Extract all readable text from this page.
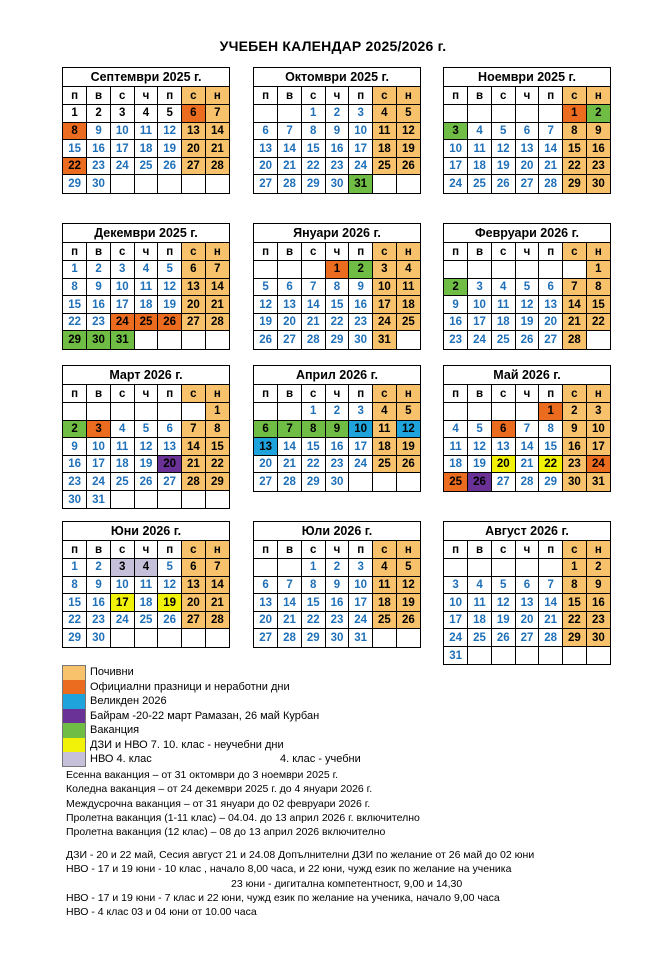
УЧЕБЕН КАЛЕНДАР 2025/2026 г.
Септември 2025 г.
п	в	с	ч	п	с	н
1	2	3	4	5	6	7
8	9	10	11	12	13	14
15	16	17	18	19	20	21
22	23	24	25	26	27	28
29	30					
Октомври 2025 г.
п	в	с	ч	п	с	н
		1	2	3	4	5
6	7	8	9	10	11	12
13	14	15	16	17	18	19
20	21	22	23	24	25	26
27	28	29	30	31		
Ноември 2025 г.
п	в	с	ч	п	с	н
					1	2
3	4	5	6	7	8	9
10	11	12	13	14	15	16
17	18	19	20	21	22	23
24	25	26	27	28	29	30
Декември 2025 г.
п	в	с	ч	п	с	н
1	2	3	4	5	6	7
8	9	10	11	12	13	14
15	16	17	18	19	20	21
22	23	24	25	26	27	28
29	30	31				
Януари 2026 г.
п	в	с	ч	п	с	н
			1	2	3	4
5	6	7	8	9	10	11
12	13	14	15	16	17	18
19	20	21	22	23	24	25
26	27	28	29	30	31	
Февруари 2026 г.
п	в	с	ч	п	с	н
						1
2	3	4	5	6	7	8
9	10	11	12	13	14	15
16	17	18	19	20	21	22
23	24	25	26	27	28	
Март 2026 г.
п	в	с	ч	п	с	н
						1
2	3	4	5	6	7	8
9	10	11	12	13	14	15
16	17	18	19	20	21	22
23	24	25	26	27	28	29
30	31					
Април 2026 г.
п	в	с	ч	п	с	н
		1	2	3	4	5
6	7	8	9	10	11	12
13	14	15	16	17	18	19
20	21	22	23	24	25	26
27	28	29	30			
Май 2026 г.
п	в	с	ч	п	с	н
				1	2	3
4	5	6	7	8	9	10
11	12	13	14	15	16	17
18	19	20	21	22	23	24
25	26	27	28	29	30	31
Юни 2026 г.
п	в	с	ч	п	с	н
1	2	3	4	5	6	7
8	9	10	11	12	13	14
15	16	17	18	19	20	21
22	23	24	25	26	27	28
29	30					
Юли 2026 г.
п	в	с	ч	п	с	н
		1	2	3	4	5
6	7	8	9	10	11	12
13	14	15	16	17	18	19
20	21	22	23	24	25	26
27	28	29	30	31		
Август 2026 г.
п	в	с	ч	п	с	н
					1	2
3	4	5	6	7	8	9
10	11	12	13	14	15	16
17	18	19	20	21	22	23
24	25	26	27	28	29	30
31						
Почивни
Официални празници и неработни дни
Великден 2026
Байрам -20-22 март Рамазан, 26 май Курбан
Ваканция
ДЗИ и НВО 7. 10. клас - неучебни дни
НВО 4. клас	4. клас - учебни
Есенна ваканция – от 31 октомври до 3 ноември 2025 г.
Коледна ваканция – от 24 декември 2025 г. до 4 януари 2026 г.
Междусрочна ваканция – от 31 януари до 02 февруари 2026 г.
Пролетна ваканция (1-11 клас) – 04.04. до 13 април 2026 г. включително
Пролетна ваканция (12 клас) – 08 до 13 април 2026 включително
ДЗИ - 20 и 22 май, Сесия август 21 и 24.08 Допълнителни ДЗИ по желание от 26 май до 02 юни
НВО - 17 и 19 юни - 10 клас , начало 8,00 часа, и 22 юни, чужд език по желание на ученика
23 юни - дигитална компетентност, 9,00 и 14,30
НВО - 17 и 19 юни - 7 клас и 22 юни, чужд език по желание на ученика, начало 9,00 часа
НВО - 4 клас 03 и 04 юни от 10.00 часа
